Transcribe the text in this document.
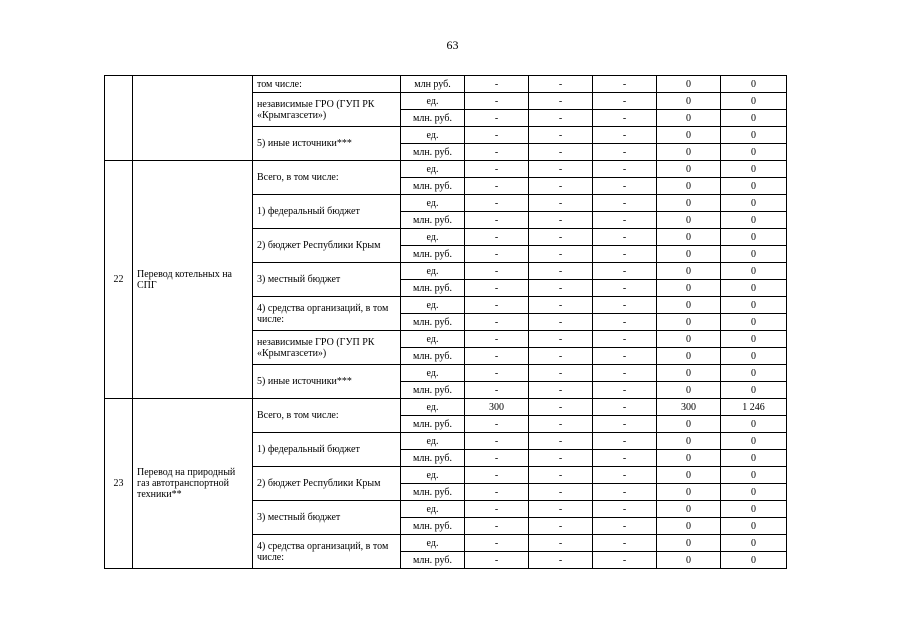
63
		том числе:	млн руб.	-	-	-	0	0
		независимые ГРО (ГУП РК «Крымгазсети»)	ед.	-	-	-	0	0
			млн. руб.	-	-	-	0	0
		5) иные источники***	ед.	-	-	-	0	0
			млн. руб.	-	-	-	0	0
22	Перевод котельных на СПГ	Всего, в том числе:	ед.	-	-	-	0	0
			млн. руб.	-	-	-	0	0
		1) федеральный бюджет	ед.	-	-	-	0	0
			млн. руб.	-	-	-	0	0
		2) бюджет Республики Крым	ед.	-	-	-	0	0
			млн. руб.	-	-	-	0	0
		3) местный бюджет	ед.	-	-	-	0	0
			млн. руб.	-	-	-	0	0
		4) средства организаций, в том числе:	ед.	-	-	-	0	0
			млн. руб.	-	-	-	0	0
		независимые ГРО (ГУП РК «Крымгазсети»)	ед.	-	-	-	0	0
			млн. руб.	-	-	-	0	0
		5) иные источники***	ед.	-	-	-	0	0
			млн. руб.	-	-	-	0	0
23	Перевод на природный газ автотранспортной техники**	Всего, в том числе:	ед.	300	-	-	300	1 246
			млн. руб.	-	-	-	0	0
		1) федеральный бюджет	ед.	-	-	-	0	0
			млн. руб.	-	-	-	0	0
		2) бюджет Республики Крым	ед.	-	-	-	0	0
			млн. руб.	-	-	-	0	0
		3) местный бюджет	ед.	-	-	-	0	0
			млн. руб.	-	-	-	0	0
		4) средства организаций, в том числе:	ед.	-	-	-	0	0
			млн. руб.	-	-	-	0	0
